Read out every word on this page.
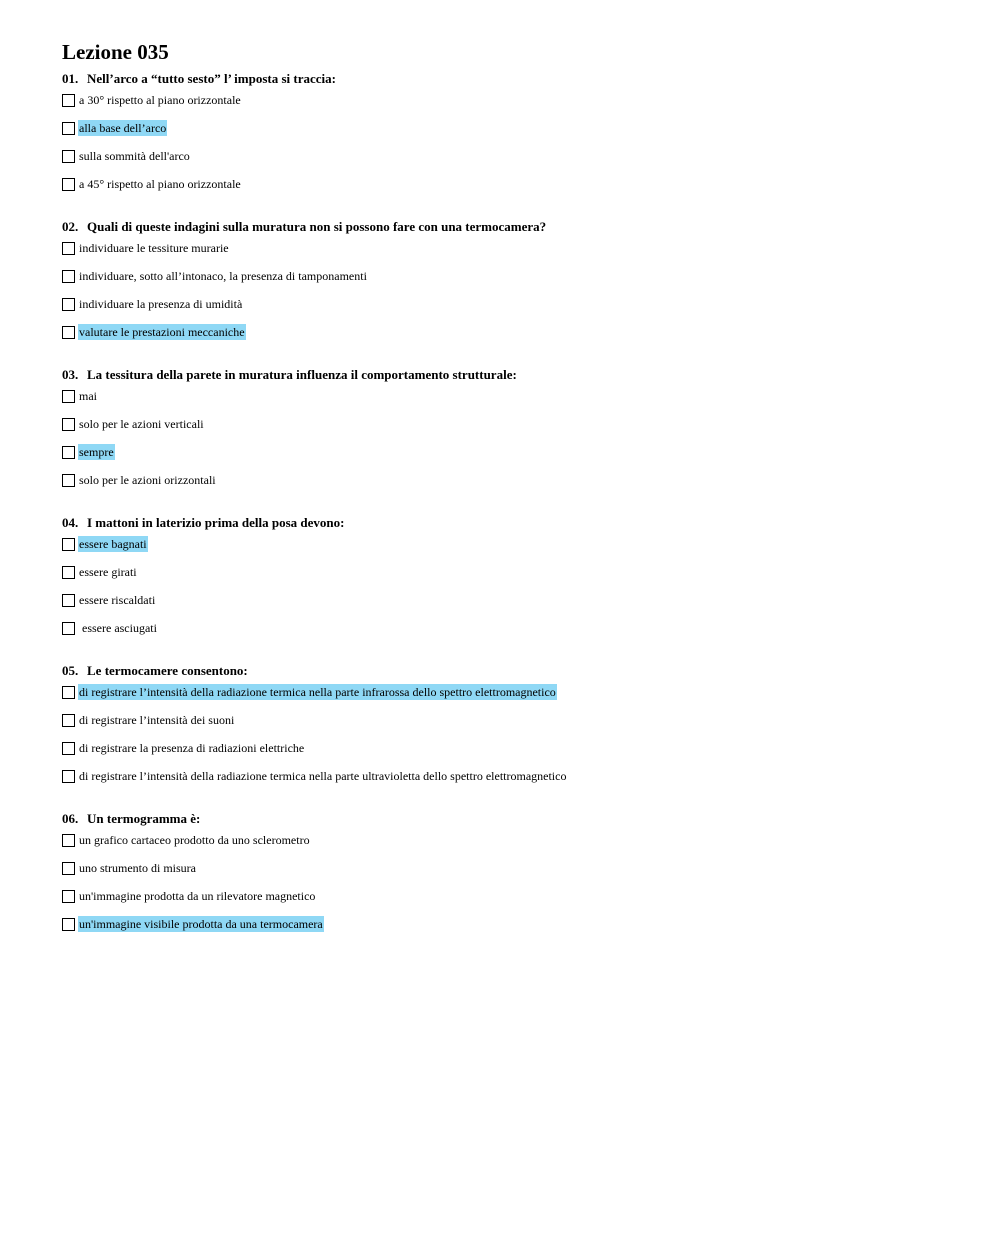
Lezione 035
01. Nell’arco a “tutto sesto” l’ imposta si traccia:
a 30° rispetto al piano orizzontale
alla base dell’arco
sulla sommità dell'arco
a 45° rispetto al piano orizzontale
02. Quali di queste indagini sulla muratura non si possono fare con una termocamera?
individuare le tessiture murarie
individuare, sotto all’intonaco, la presenza di tamponamenti
individuare la presenza di umidità
valutare le prestazioni meccaniche
03. La tessitura della parete in muratura influenza il comportamento strutturale:
mai
solo per le azioni verticali
sempre
solo per le azioni orizzontali
04. I mattoni in laterizio prima della posa devono:
essere bagnati
essere girati
essere riscaldati
essere asciugati
05. Le termocamere consentono:
di registrare l’intensità della radiazione termica nella parte infrarossa dello spettro elettromagnetico
di registrare l’intensità dei suoni
di registrare la presenza di radiazioni elettriche
di registrare l’intensità della radiazione termica nella parte ultravioletta dello spettro elettromagnetico
06. Un termogramma è:
un grafico cartaceo prodotto da uno sclerometro
uno strumento di misura
un'immagine prodotta da un rilevatore magnetico
un'immagine visibile prodotta da una termocamera
